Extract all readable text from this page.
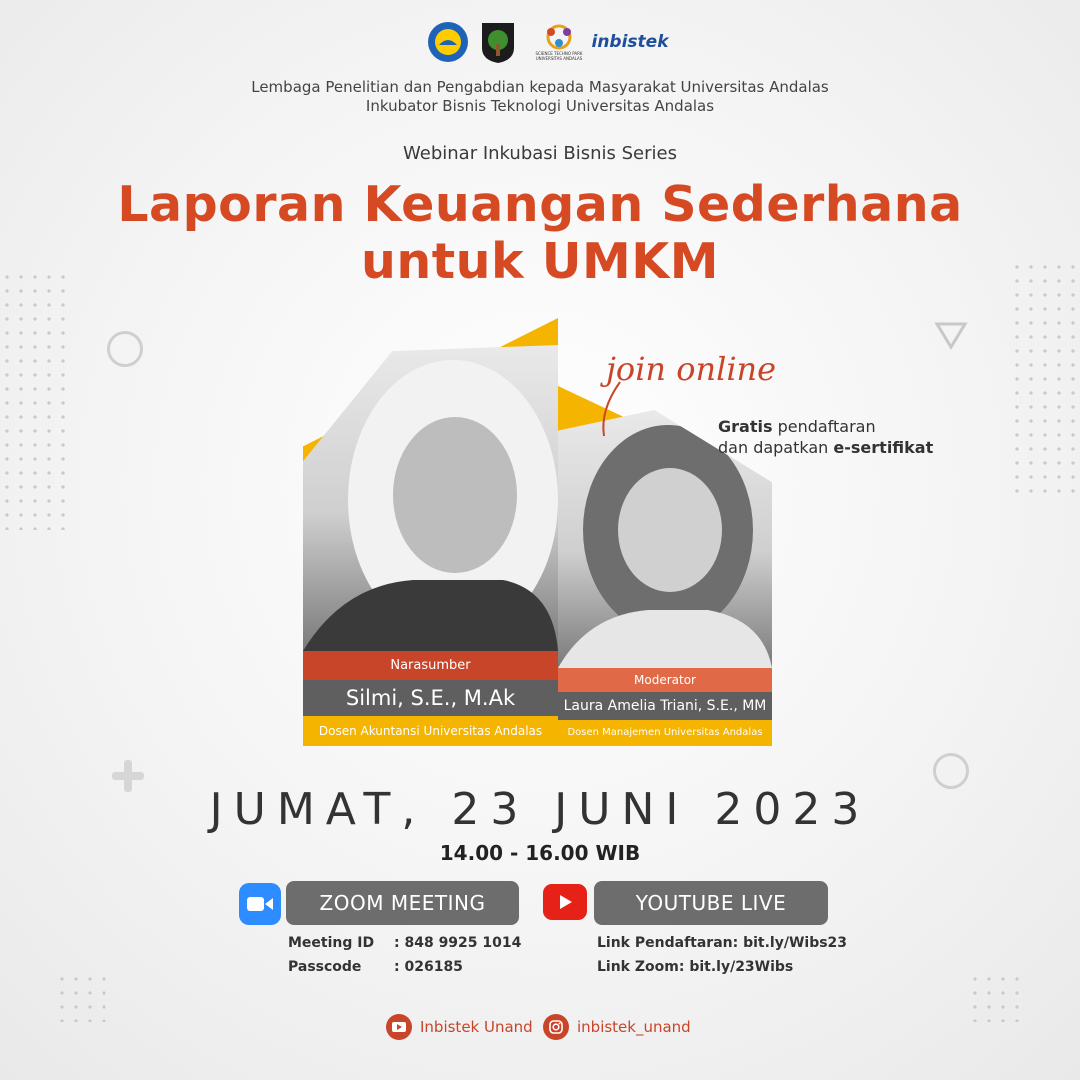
SCIENCE TECHNO PARK UNIVERSITAS ANDALAS
inbistek
Lembaga Penelitian dan Pengabdian kepada Masyarakat Universitas Andalas
Inkubator Bisnis Teknologi Universitas Andalas
Webinar Inkubasi Bisnis Series
Laporan Keuangan Sederhana
untuk UMKM
Narasumber
Silmi, S.E., M.Ak
Dosen Akuntansi Universitas Andalas
Moderator
Laura Amelia Triani, S.E., MM
Dosen Manajemen Universitas Andalas
join online
Gratis pendaftaran
dan dapatkan e-sertifikat
JUMAT, 23 JUNI 2023
14.00 - 16.00 WIB
ZOOM MEETING
Meeting ID : 848 9925 1014
Passcode : 026185
YOUTUBE LIVE
Link Pendaftaran: bit.ly/Wibs23
Link Zoom: bit.ly/23Wibs
Inbistek Unand	inbistek_unand
